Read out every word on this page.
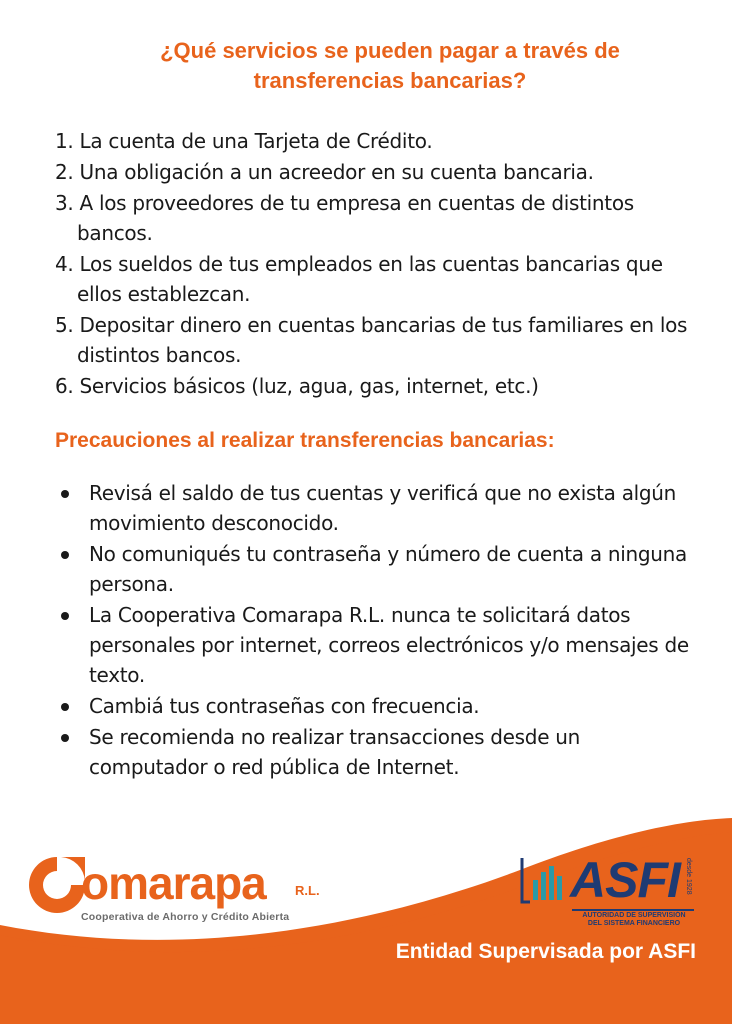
¿Qué servicios se pueden pagar a través de
transferencias bancarias?
1. La cuenta de una Tarjeta de Crédito.
2. Una obligación a un acreedor en su cuenta bancaria.
3. A los proveedores de tu empresa en cuentas de distintos bancos.
4. Los sueldos de tus empleados en las cuentas bancarias que ellos establezcan.
5. Depositar dinero en cuentas bancarias de tus familiares en los distintos bancos.
6. Servicios básicos (luz, agua, gas, internet, etc.)
Precauciones al realizar transferencias bancarias:
Revisá el saldo de tus cuentas y verificá que no exista algún movimiento desconocido.
No comuniqués tu contraseña y número de cuenta a ninguna persona.
La Cooperativa Comarapa R.L. nunca te solicitará datos personales por internet, correos electrónicos y/o mensajes de texto.
Cambiá tus contraseñas con frecuencia.
Se recomienda no realizar transacciones desde un computador o red pública de Internet.
omarapa R.L.
Cooperativa de Ahorro y Crédito Abierta
ASFI desde 1928
AUTORIDAD DE SUPERVISIÓN
DEL SISTEMA FINANCIERO
Entidad Supervisada por ASFI
